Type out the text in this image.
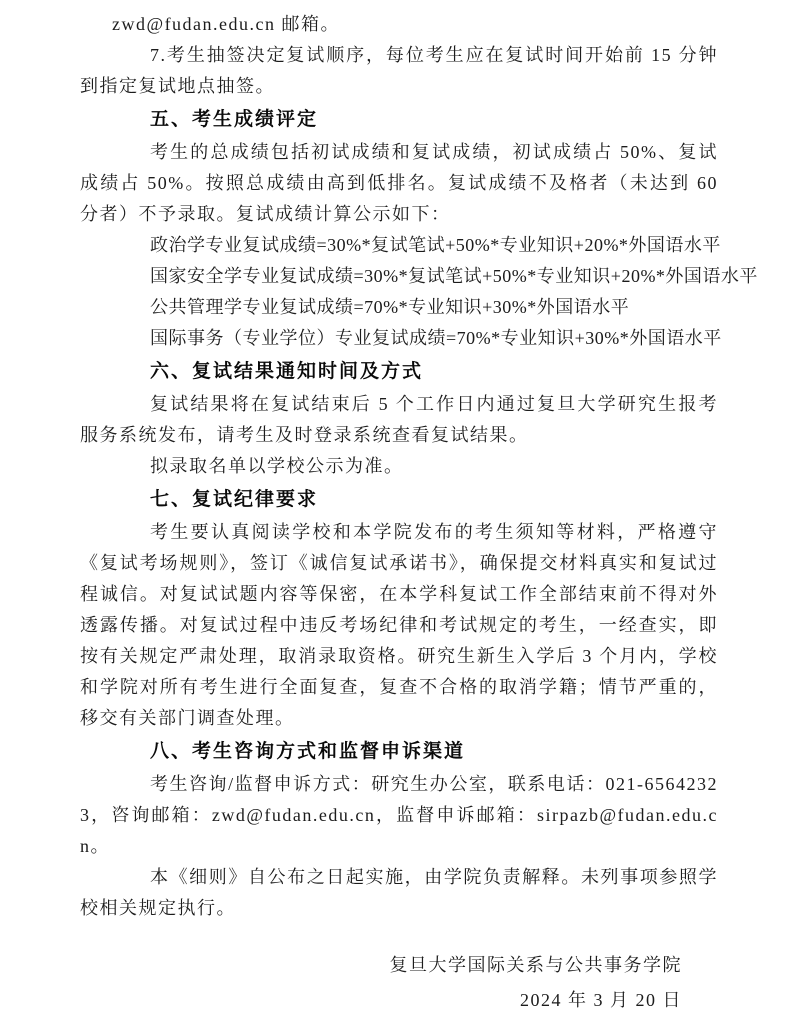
zwd@fudan.edu.cn 邮箱。

7.考生抽签决定复试顺序，每位考生应在复试时间开始前 15 分钟到指定复试地点抽签。

五、考生成绩评定

考生的总成绩包括初试成绩和复试成绩，初试成绩占 50%、复试成绩占 50%。按照总成绩由高到低排名。复试成绩不及格者（未达到 60 分者）不予录取。复试成绩计算公示如下：

政治学专业复试成绩=30%*复试笔试+50%*专业知识+20%*外国语水平

国家安全学专业复试成绩=30%*复试笔试+50%*专业知识+20%*外国语水平

公共管理学专业复试成绩=70%*专业知识+30%*外国语水平

国际事务（专业学位）专业复试成绩=70%*专业知识+30%*外国语水平

六、复试结果通知时间及方式

复试结果将在复试结束后 5 个工作日内通过复旦大学研究生报考服务系统发布，请考生及时登录系统查看复试结果。

拟录取名单以学校公示为准。

七、复试纪律要求

考生要认真阅读学校和本学院发布的考生须知等材料，严格遵守《复试考场规则》，签订《诚信复试承诺书》，确保提交材料真实和复试过程诚信。对复试试题内容等保密，在本学科复试工作全部结束前不得对外透露传播。对复试过程中违反考场纪律和考试规定的考生，一经查实，即按有关规定严肃处理，取消录取资格。研究生新生入学后 3 个月内，学校和学院对所有考生进行全面复查，复查不合格的取消学籍；情节严重的，移交有关部门调查处理。

八、考生咨询方式和监督申诉渠道

考生咨询/监督申诉方式：研究生办公室，联系电话：021-65642323，咨询邮箱：zwd@fudan.edu.cn，监督申诉邮箱：sirpazb@fudan.edu.cn。

本《细则》自公布之日起实施，由学院负责解释。未列事项参照学校相关规定执行。

复旦大学国际关系与公共事务学院

2024 年 3 月 20 日
